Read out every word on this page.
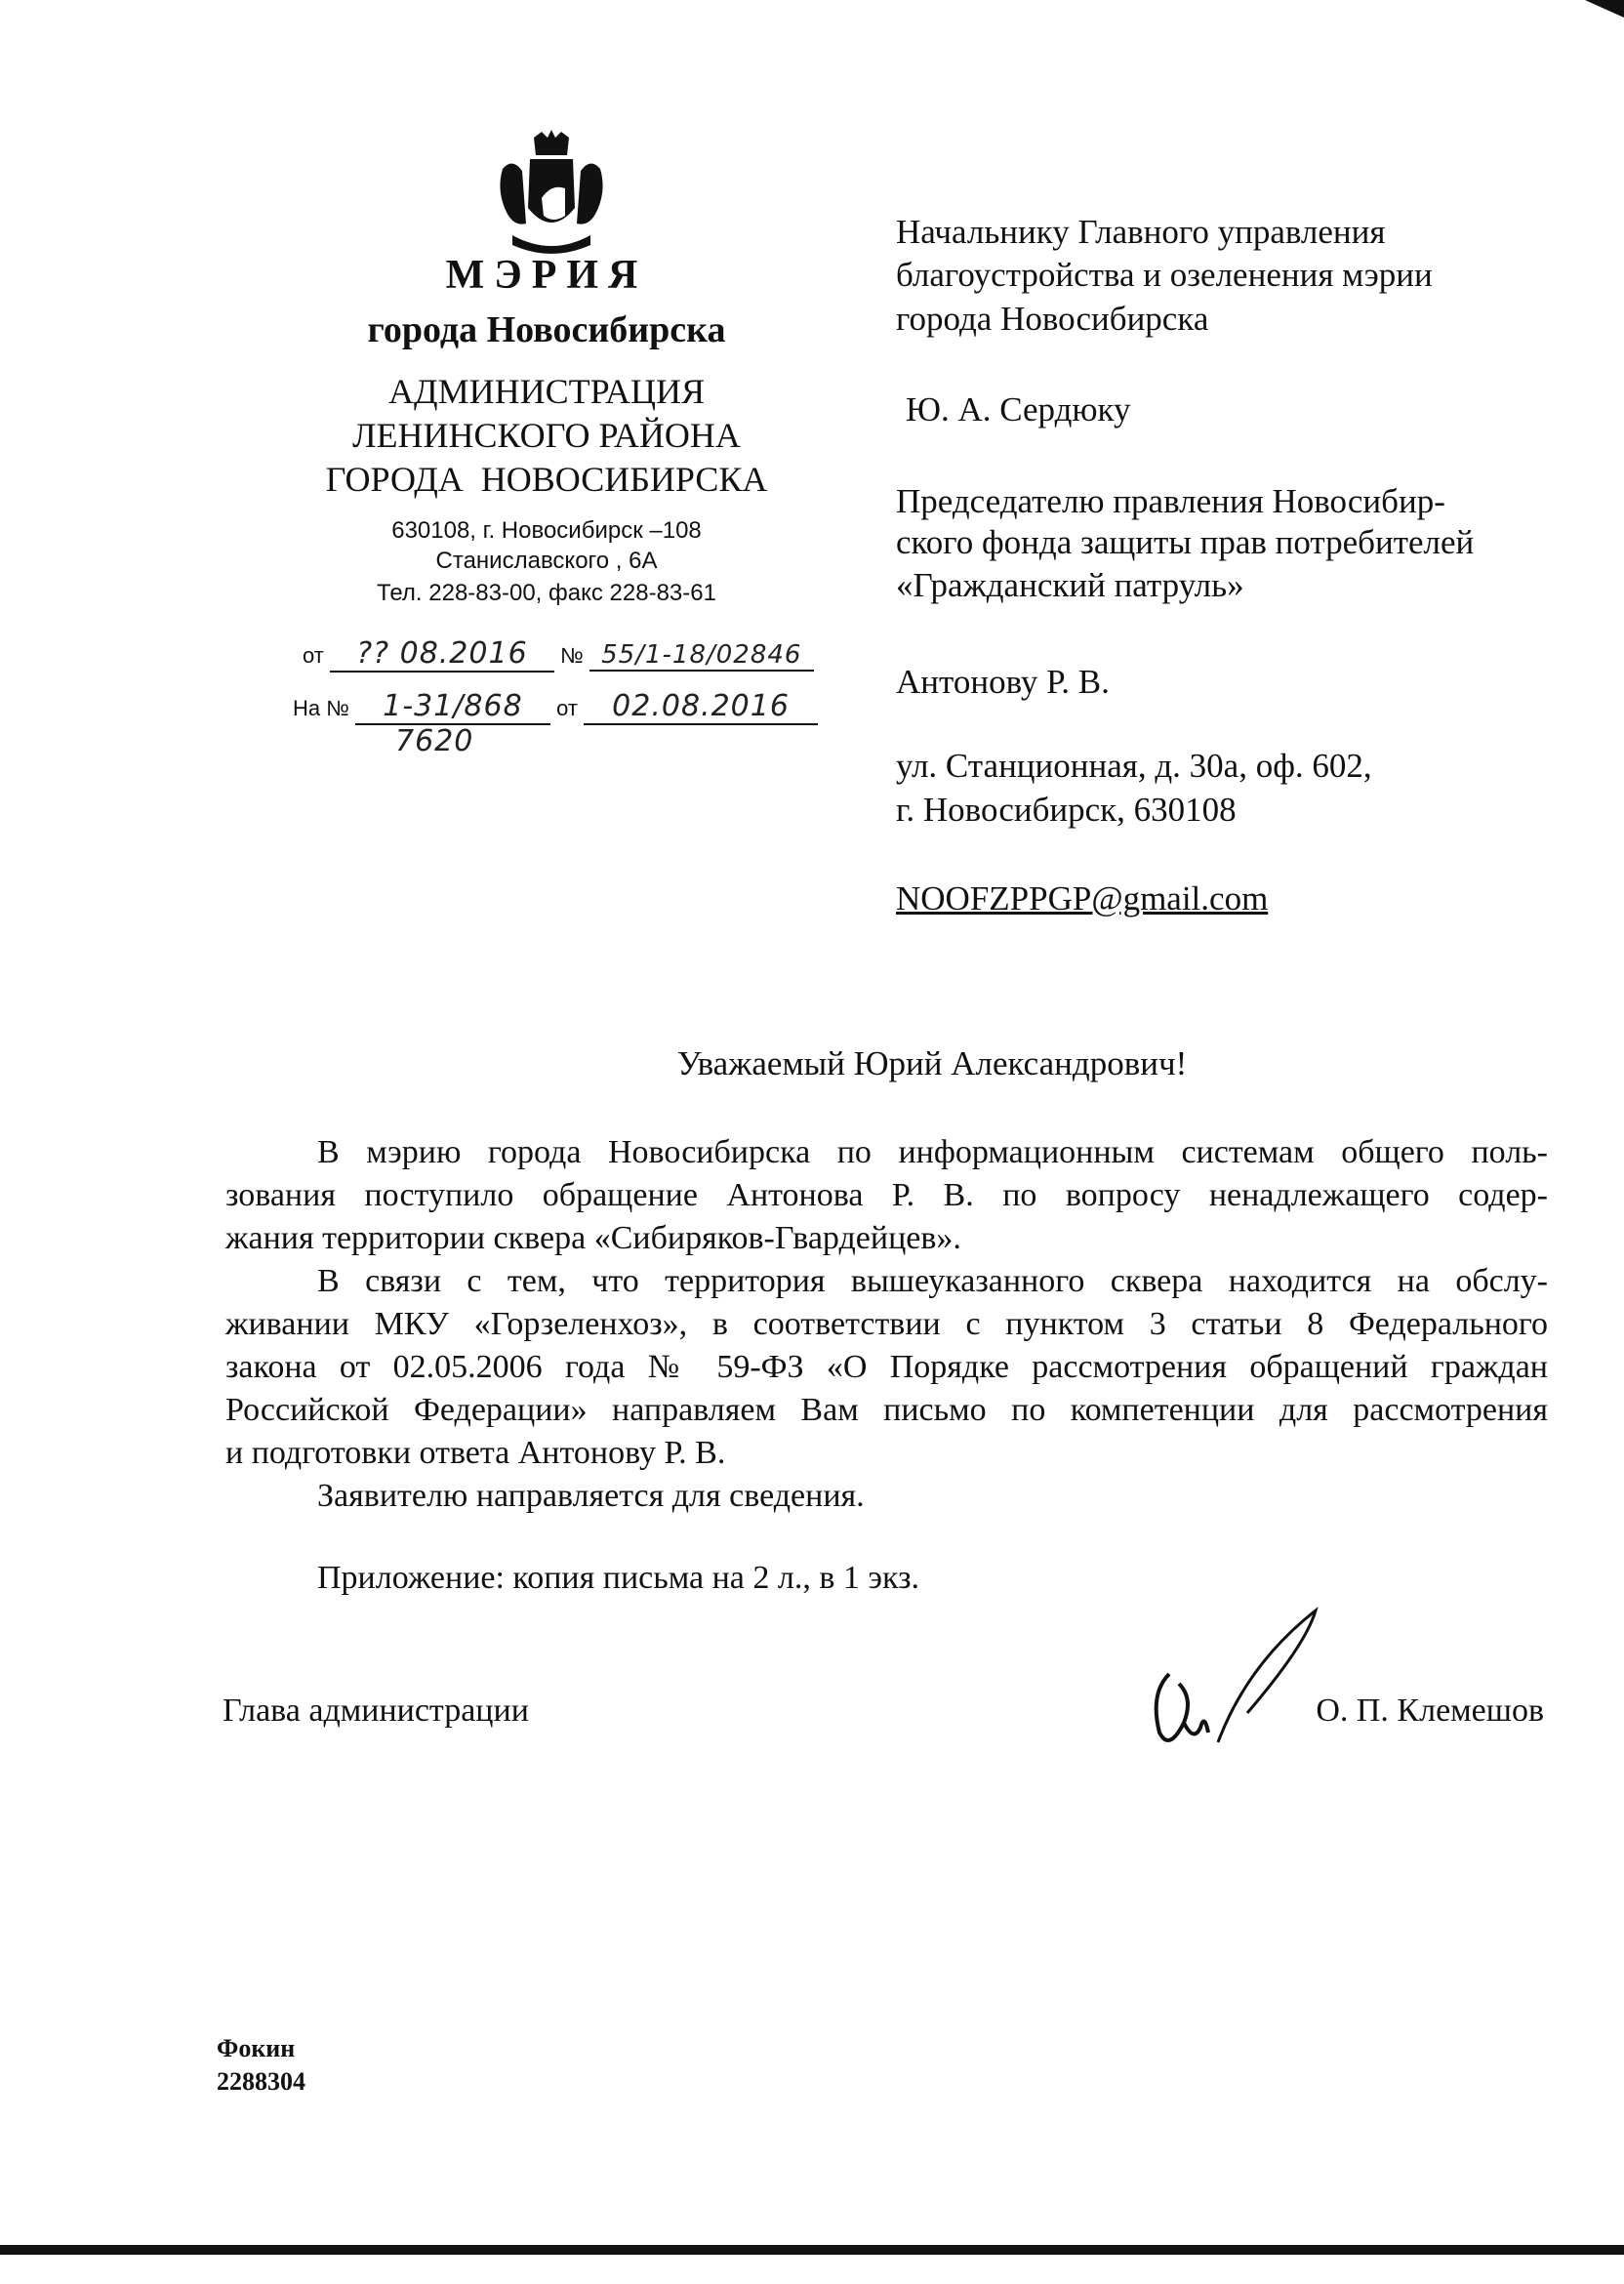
МЭРИЯ
города Новосибирска
АДМИНИСТРАЦИЯ
ЛЕНИНСКОГО РАЙОНА
ГОРОДА  НОВОСИБИРСКА
630108, г. Новосибирск –108
Станиславского , 6А
Тел. 228-83-00, факс 228-83-61
от ?? 08.2016 № 55/1-18/02846
На № 1-31/868 от 02.08.2016
7620
Начальнику Главного управления
благоустройства и озеленения мэрии
города Новосибирска
Ю. А. Сердюку
Председателю правления Новосибир-
ского фонда защиты прав потребителей
«Гражданский патруль»
Антонову Р. В.
ул. Станционная, д. 30а, оф. 602,
г. Новосибирск, 630108
NOOFZPPGP@gmail.com
Уважаемый Юрий Александрович!
В мэрию города Новосибирска по информационным системам общего поль-
зования поступило обращение Антонова Р. В. по вопросу ненадлежащего содер-
жания территории сквера «Сибиряков-Гвардейцев».
В связи с тем, что территория вышеуказанного сквера находится на обслу-
живании МКУ «Горзеленхоз», в соответствии с пунктом 3 статьи 8 Федерального
закона от 02.05.2006 года № 59-ФЗ «О Порядке рассмотрения обращений граждан
Российской Федерации» направляем Вам письмо по компетенции для рассмотрения
и подготовки ответа Антонову Р. В.
Заявителю направляется для сведения.
Приложение: копия письма на 2 л., в 1 экз.
Глава администрации	О. П. Клемешов
Фокин
2288304
